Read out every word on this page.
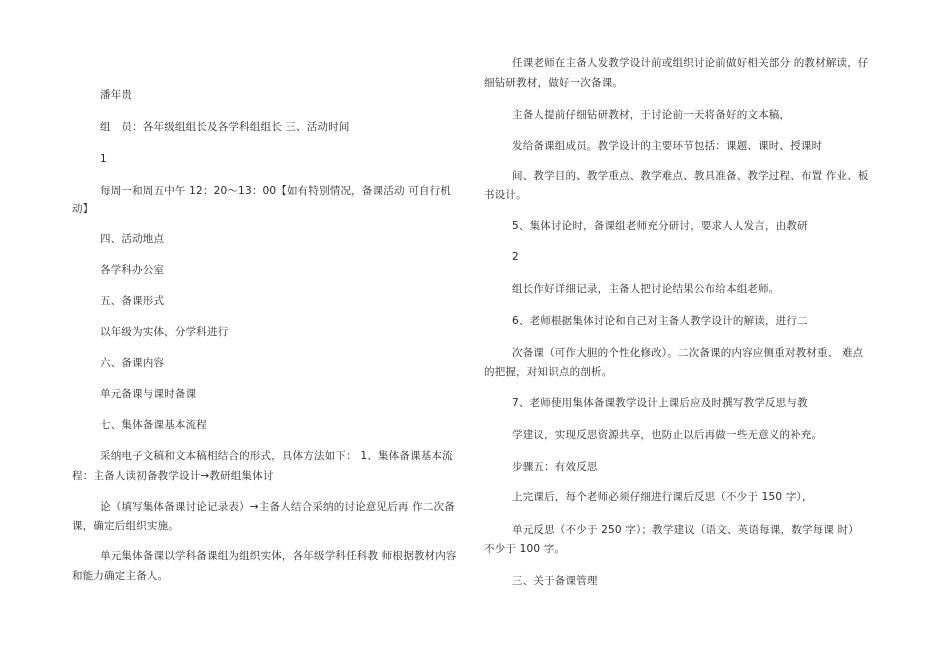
潘年贵
组　员：各年级组组长及各学科组组长 三、活动时间
1
每周一和周五中午 12：20～13：00【如有特别情况，备课活动 可自行机
动】
四、活动地点
各学科办公室
五、备课形式
以年级为实体，分学科进行
六、备课内容
单元备课与课时备课
七、集体备课基本流程
采纳电子文稿和文本稿相结合的形式，具体方法如下： 1、集体备课基本流
程：主备人读初备教学设计→教研组集体讨
论（填写集体备课讨论记录表）→主备人结合采纳的讨论意见后再 作二次备
课，确定后组织实施。
单元集体备课以学科备课组为组织实体，各年级学科任科教 师根据教材内容
和能力确定主备人。
任课老师在主备人发教学设计前或组织讨论前做好相关部分 的教材解读，仔
细钻研教材，做好一次备课。
主备人提前仔细钻研教材，于讨论前一天将备好的文本稿，
发给备课组成员。教学设计的主要环节包括：课题、课时、授课时
间、教学目的、教学重点、教学难点、教具准备、教学过程、布置 作业、板
书设计。
5、集体讨论时，备课组老师充分研讨，要求人人发言，由教研
2
组长作好详细记录，主备人把讨论结果公布给本组老师。
6、老师根据集体讨论和自己对主备人教学设计的解读，进行二
次备课（可作大胆的个性化修改）。二次备课的内容应侧重对教材重、 难点
的把握，对知识点的剖析。
7、老师使用集体备课教学设计上课后应及时撰写教学反思与教
学建议，实现反思资源共享，也防止以后再做一些无意义的补充。
步骤五：有效反思
上完课后，每个老师必须仔细进行课后反思（不少于 150 字），
单元反思（不少于 250 字）；教学建议（语文、英语每课，数学每课 时）
不少于 100 字。
三、关于备课管理
